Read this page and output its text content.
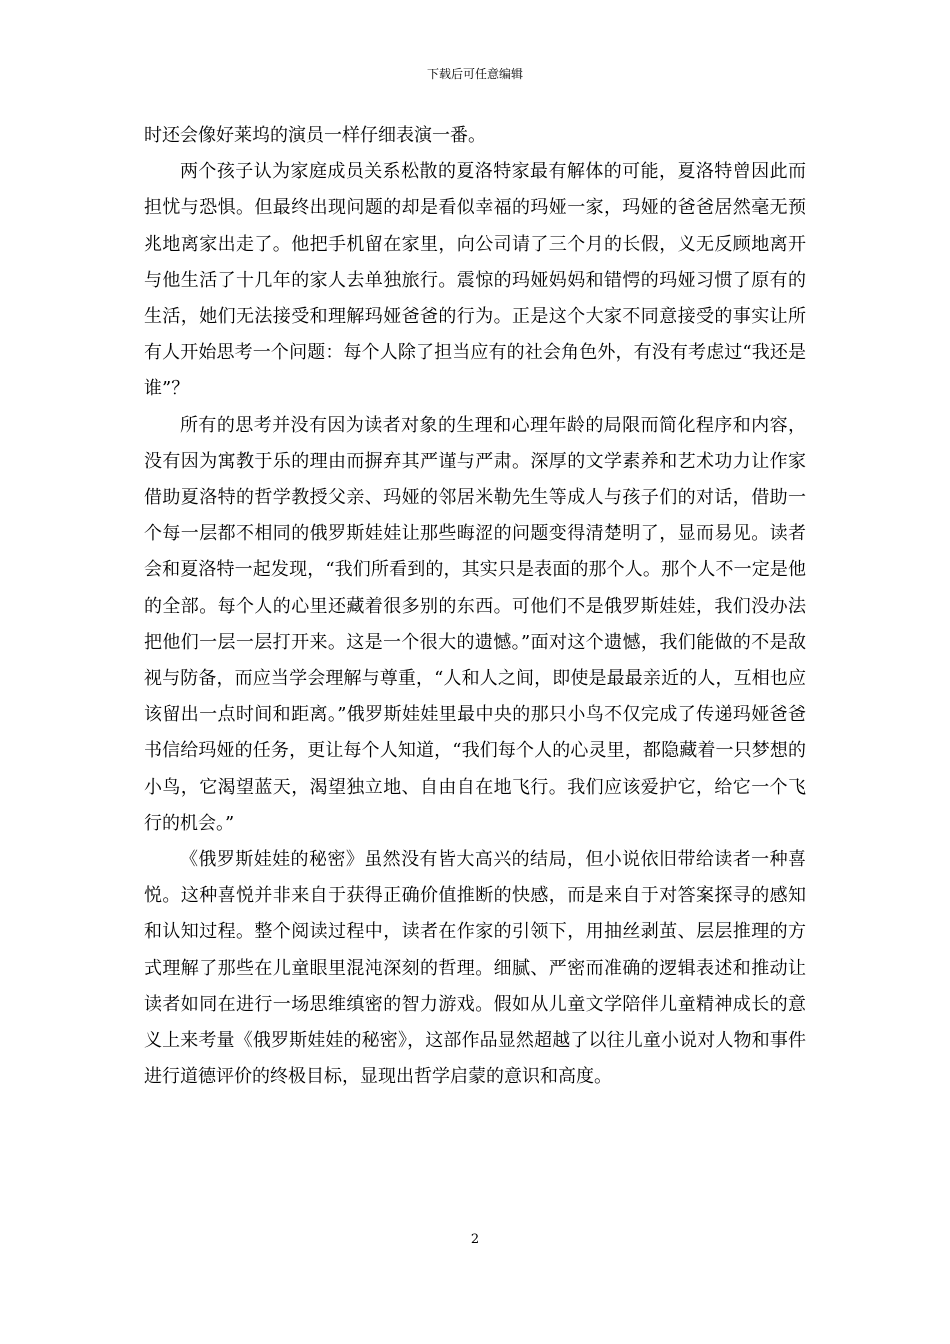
下载后可任意编辑

时还会像好莱坞的演员一样仔细表演一番。

两个孩子认为家庭成员关系松散的夏洛特家最有解体的可能，夏洛特曾因此而担忧与恐惧。但最终出现问题的却是看似幸福的玛娅一家，玛娅的爸爸居然毫无预兆地离家出走了。他把手机留在家里，向公司请了三个月的长假，义无反顾地离开与他生活了十几年的家人去单独旅行。震惊的玛娅妈妈和错愕的玛娅习惯了原有的生活，她们无法接受和理解玛娅爸爸的行为。正是这个大家不同意接受的事实让所有人开始思考一个问题：每个人除了担当应有的社会角色外，有没有考虑过“我还是谁”？

所有的思考并没有因为读者对象的生理和心理年龄的局限而简化程序和内容，没有因为寓教于乐的理由而摒弃其严谨与严肃。深厚的文学素养和艺术功力让作家借助夏洛特的哲学教授父亲、玛娅的邻居米勒先生等成人与孩子们的对话，借助一个每一层都不相同的俄罗斯娃娃让那些晦涩的问题变得清楚明了，显而易见。读者会和夏洛特一起发现，“我们所看到的，其实只是表面的那个人。那个人不一定是他的全部。每个人的心里还藏着很多别的东西。可他们不是俄罗斯娃娃，我们没办法把他们一层一层打开来。这是一个很大的遗憾。”面对这个遗憾，我们能做的不是敌视与防备，而应当学会理解与尊重，“人和人之间，即使是最最亲近的人，互相也应该留出一点时间和距离。”俄罗斯娃娃里最中央的那只小鸟不仅完成了传递玛娅爸爸书信给玛娅的任务，更让每个人知道，“我们每个人的心灵里，都隐藏着一只梦想的小鸟，它渴望蓝天，渴望独立地、自由自在地飞行。我们应该爱护它，给它一个飞行的机会。”

《俄罗斯娃娃的秘密》虽然没有皆大高兴的结局，但小说依旧带给读者一种喜悦。这种喜悦并非来自于获得正确价值推断的快感，而是来自于对答案探寻的感知和认知过程。整个阅读过程中，读者在作家的引领下，用抽丝剥茧、层层推理的方式理解了那些在儿童眼里混沌深刻的哲理。细腻、严密而准确的逻辑表述和推动让读者如同在进行一场思维缜密的智力游戏。假如从儿童文学陪伴儿童精神成长的意义上来考量《俄罗斯娃娃的秘密》，这部作品显然超越了以往儿童小说对人物和事件进行道德评价的终极目标，显现出哲学启蒙的意识和高度。

2
